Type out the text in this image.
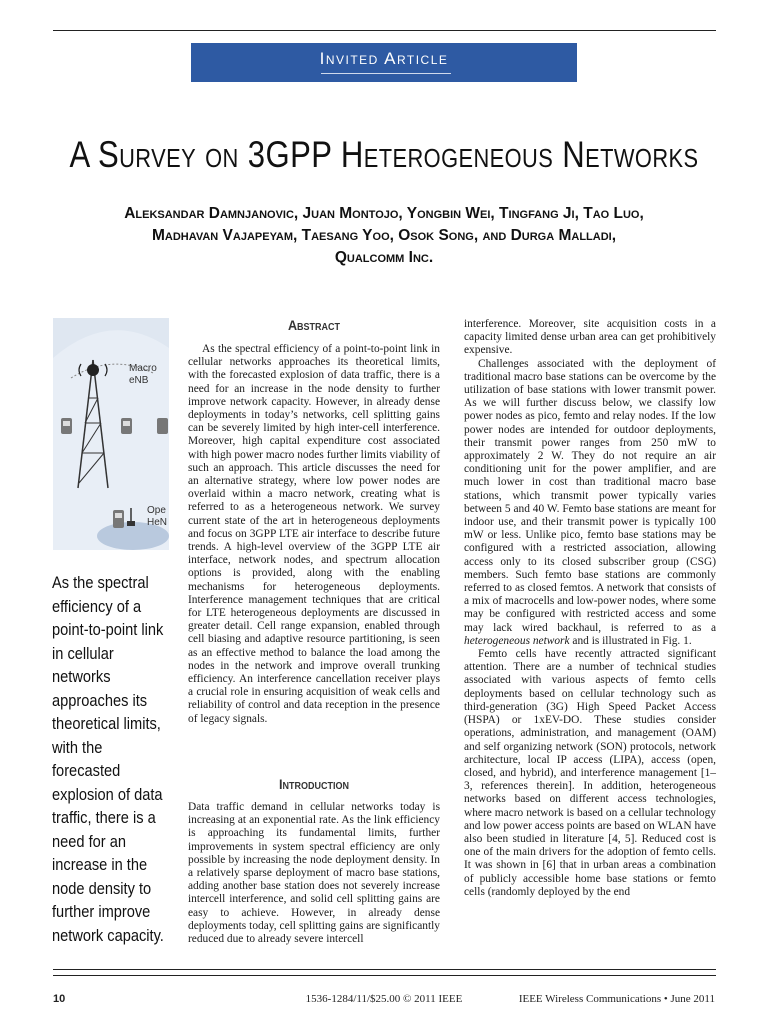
Invited Article
A Survey on 3GPP Heterogeneous Networks
Aleksandar Damnjanovic, Juan Montojo, Yongbin Wei, Tingfang Ji, Tao Luo,
Madhavan Vajapeyam, Taesang Yoo, Osok Song, and Durga Malladi,
Qualcomm Inc.
Macro
eNB
Ope
HeN
As the spectral efficiency of a point-to-point link in cellular networks approaches its theoretical limits, with the forecasted explosion of data traffic, there is a need for an increase in the node density to further improve network capacity.
Abstract

As the spectral efficiency of a point-to-point link in cellular networks approaches its theoretical limits, with the forecasted explosion of data traffic, there is a need for an increase in the node density to further improve network capacity. However, in already dense deployments in today’s networks, cell splitting gains can be severely limited by high inter-cell interference. Moreover, high capital expenditure cost associated with high power macro nodes further limits viability of such an approach. This article discusses the need for an alternative strategy, where low power nodes are overlaid within a macro network, creating what is referred to as a heterogeneous network. We survey current state of the art in heterogeneous deployments and focus on 3GPP LTE air interface to describe future trends. A high-level overview of the 3GPP LTE air interface, network nodes, and spectrum allocation options is provided, along with the enabling mechanisms for heterogeneous deployments. Interference management techniques that are critical for LTE heterogeneous deployments are discussed in greater detail. Cell range expansion, enabled through cell biasing and adaptive resource partitioning, is seen as an effective method to balance the load among the nodes in the network and improve overall trunking efficiency. An interference cancellation receiver plays a crucial role in ensuring acquisition of weak cells and reliability of control and data reception in the presence of legacy signals.

Introduction

Data traffic demand in cellular networks today is increasing at an exponential rate. As the link efficiency is approaching its fundamental limits, further improvements in system spectral efficiency are only possible by increasing the node deployment density. In a relatively sparse deployment of macro base stations, adding another base station does not severely increase intercell interference, and solid cell splitting gains are easy to achieve. However, in already dense deployments today, cell splitting gains are significantly reduced due to already severe intercell

interference. Moreover, site acquisition costs in a capacity limited dense urban area can get prohibitively expensive.

Challenges associated with the deployment of traditional macro base stations can be overcome by the utilization of base stations with lower transmit power. As we will further discuss below, we classify low power nodes as pico, femto and relay nodes. If the low power nodes are intended for outdoor deployments, their transmit power ranges from 250 mW to approximately 2 W. They do not require an air conditioning unit for the power amplifier, and are much lower in cost than traditional macro base stations, which transmit power typically varies between 5 and 40 W. Femto base stations are meant for indoor use, and their transmit power is typically 100 mW or less. Unlike pico, femto base stations may be configured with a restricted association, allowing access only to its closed subscriber group (CSG) members. Such femto base stations are commonly referred to as closed femtos. A network that consists of a mix of macrocells and low-power nodes, where some may be configured with restricted access and some may lack wired backhaul, is referred to as a heterogeneous network and is illustrated in Fig. 1.

Femto cells have recently attracted significant attention. There are a number of technical studies associated with various aspects of femto cells deployments based on cellular technology such as third-generation (3G) High Speed Packet Access (HSPA) or 1xEV-DO. These studies consider operations, administration, and management (OAM) and self organizing network (SON) protocols, network architecture, local IP access (LIPA), access (open, closed, and hybrid), and interference management [1–3, references therein]. In addition, heterogeneous networks based on different access technologies, where macro network is based on a cellular technology and low power access points are based on WLAN have also been studied in literature [4, 5]. Reduced cost is one of the main drivers for the adoption of femto cells. It was shown in [6] that in urban areas a combination of publicly accessible home base stations or femto cells (randomly deployed by the end

10	1536-1284/11/$25.00 © 2011 IEEE	IEEE Wireless Communications • June 2011
